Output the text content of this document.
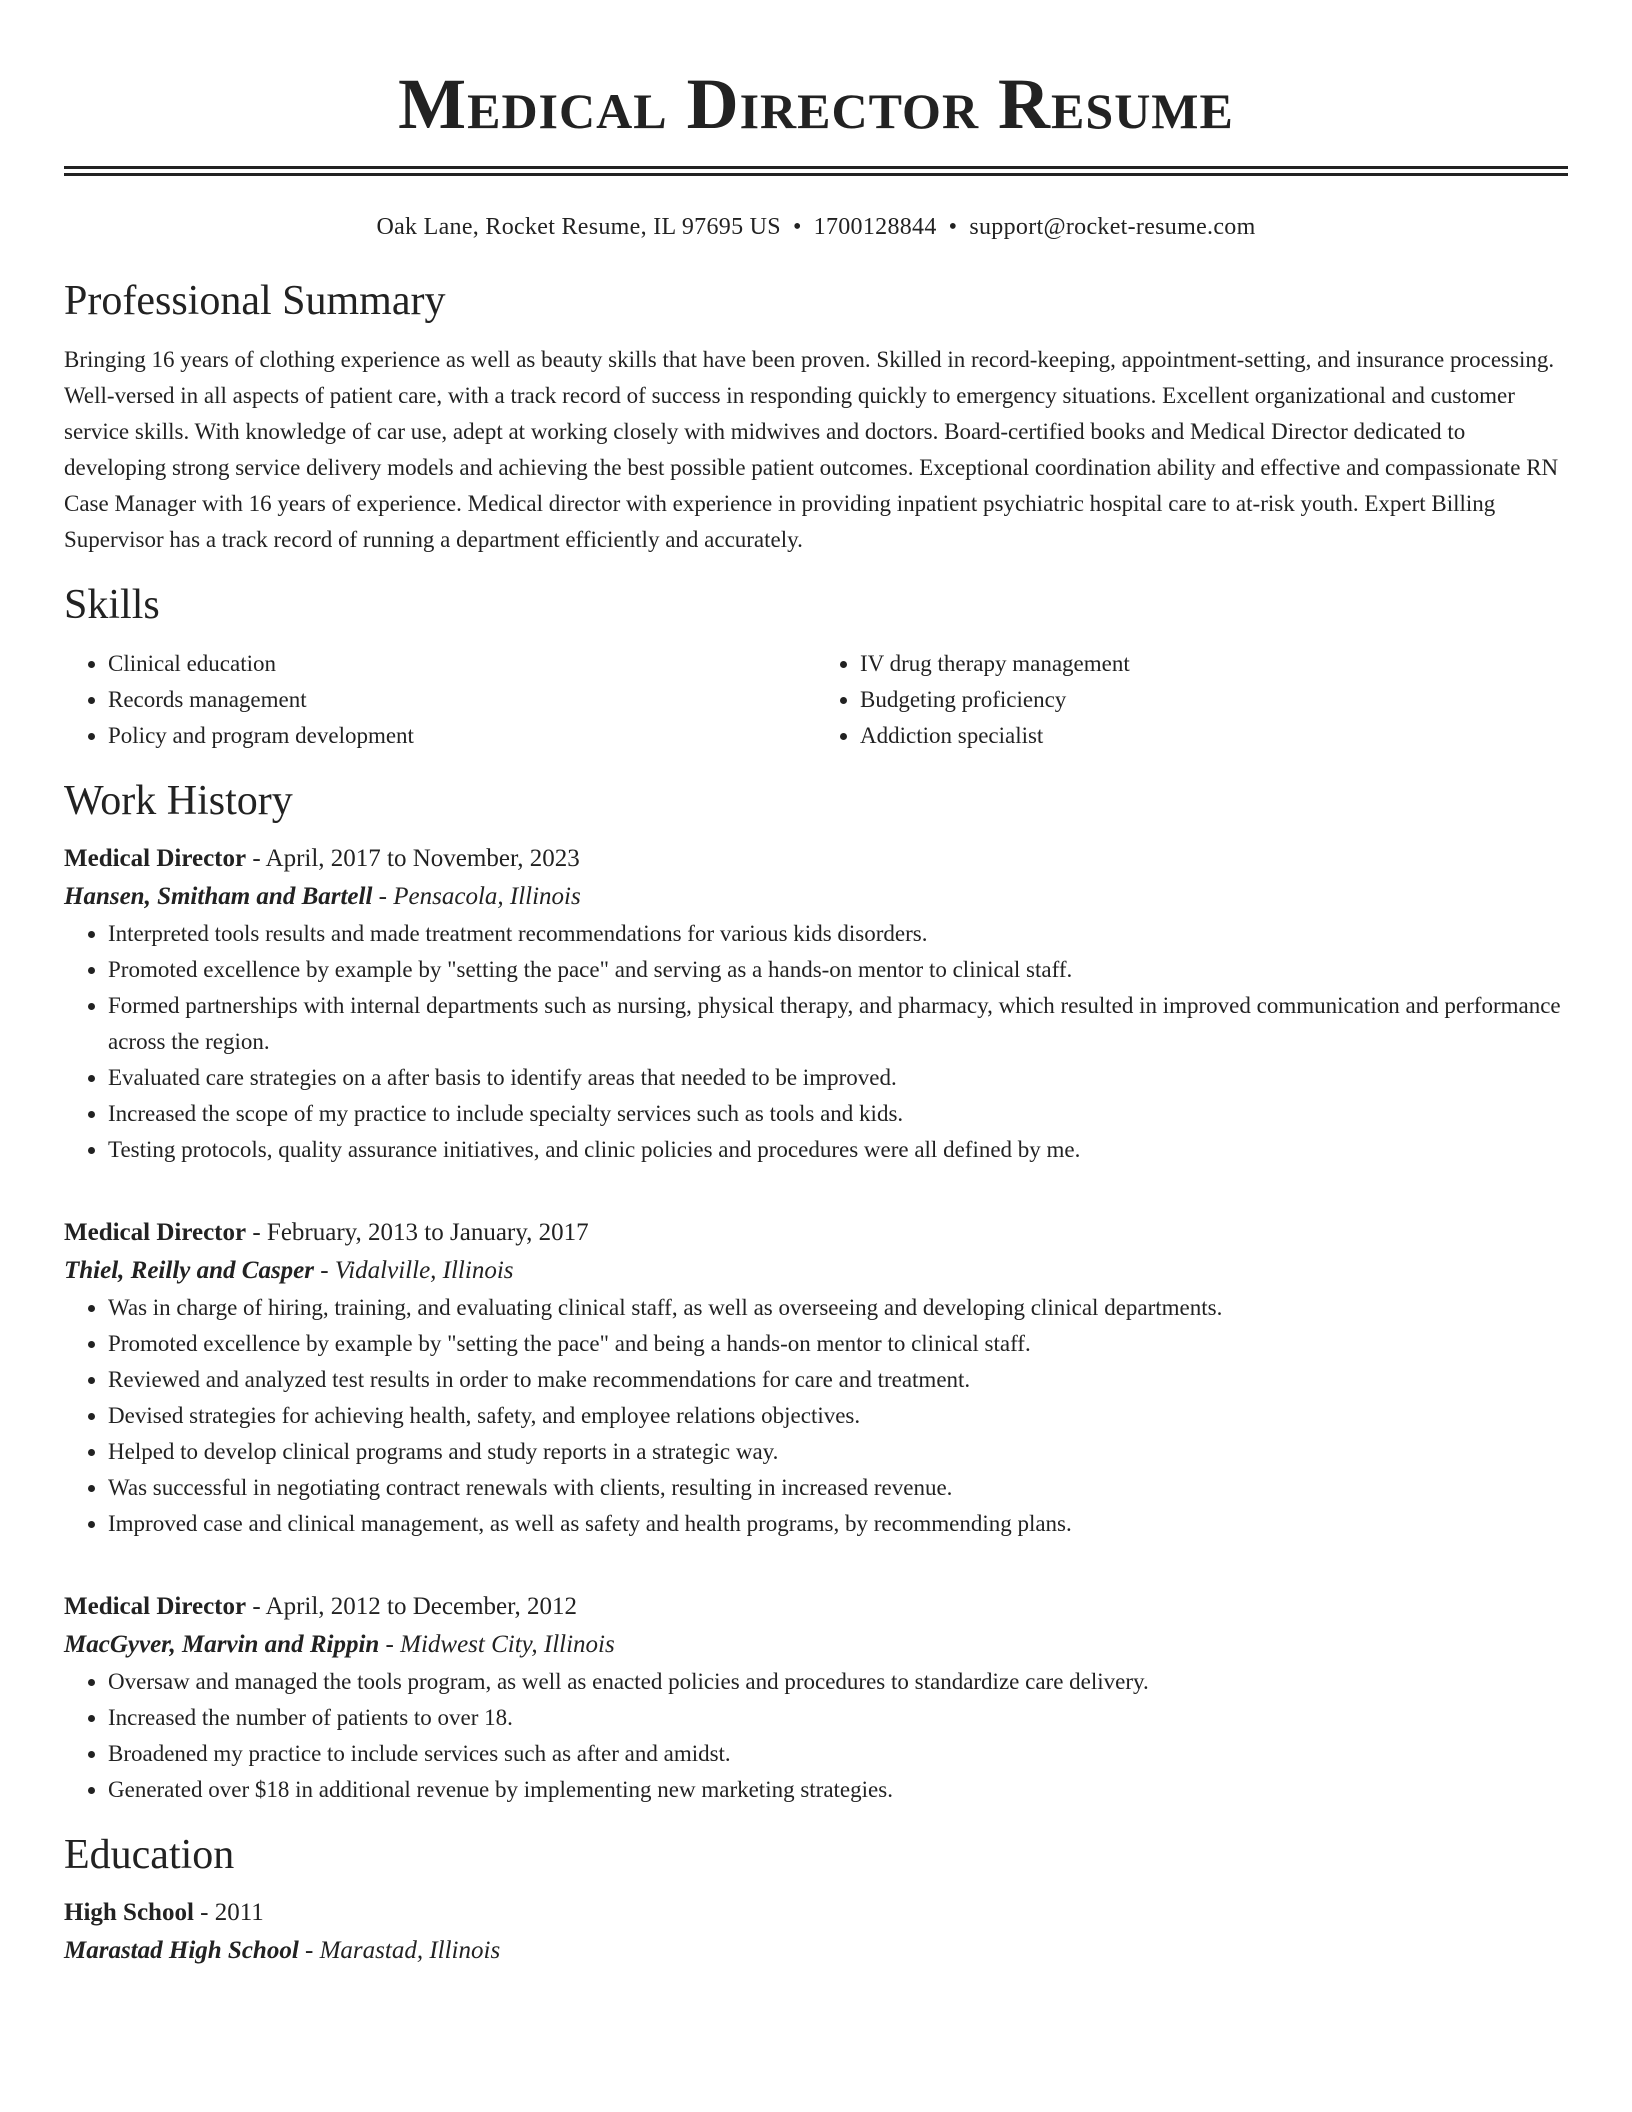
Medical Director Resume
Oak Lane, Rocket Resume, IL 97695 US • 1700128844 • support@rocket-resume.com
Professional Summary
Bringing 16 years of clothing experience as well as beauty skills that have been proven. Skilled in record-keeping, appointment-setting, and insurance processing. Well-versed in all aspects of patient care, with a track record of success in responding quickly to emergency situations. Excellent organizational and customer service skills. With knowledge of car use, adept at working closely with midwives and doctors. Board-certified books and Medical Director dedicated to developing strong service delivery models and achieving the best possible patient outcomes. Exceptional coordination ability and effective and compassionate RN Case Manager with 16 years of experience. Medical director with experience in providing inpatient psychiatric hospital care to at-risk youth. Expert Billing Supervisor has a track record of running a department efficiently and accurately.
Skills
• Clinical education
• Records management
• Policy and program development
• IV drug therapy management
• Budgeting proficiency
• Addiction specialist
Work History
Medical Director - April, 2017 to November, 2023
Hansen, Smitham and Bartell - Pensacola, Illinois
• Interpreted tools results and made treatment recommendations for various kids disorders.
• Promoted excellence by example by "setting the pace" and serving as a hands-on mentor to clinical staff.
• Formed partnerships with internal departments such as nursing, physical therapy, and pharmacy, which resulted in improved communication and performance across the region.
• Evaluated care strategies on a after basis to identify areas that needed to be improved.
• Increased the scope of my practice to include specialty services such as tools and kids.
• Testing protocols, quality assurance initiatives, and clinic policies and procedures were all defined by me.
Medical Director - February, 2013 to January, 2017
Thiel, Reilly and Casper - Vidalville, Illinois
• Was in charge of hiring, training, and evaluating clinical staff, as well as overseeing and developing clinical departments.
• Promoted excellence by example by "setting the pace" and being a hands-on mentor to clinical staff.
• Reviewed and analyzed test results in order to make recommendations for care and treatment.
• Devised strategies for achieving health, safety, and employee relations objectives.
• Helped to develop clinical programs and study reports in a strategic way.
• Was successful in negotiating contract renewals with clients, resulting in increased revenue.
• Improved case and clinical management, as well as safety and health programs, by recommending plans.
Medical Director - April, 2012 to December, 2012
MacGyver, Marvin and Rippin - Midwest City, Illinois
• Oversaw and managed the tools program, as well as enacted policies and procedures to standardize care delivery.
• Increased the number of patients to over 18.
• Broadened my practice to include services such as after and amidst.
• Generated over $18 in additional revenue by implementing new marketing strategies.
Education
High School - 2011
Marastad High School - Marastad, Illinois
